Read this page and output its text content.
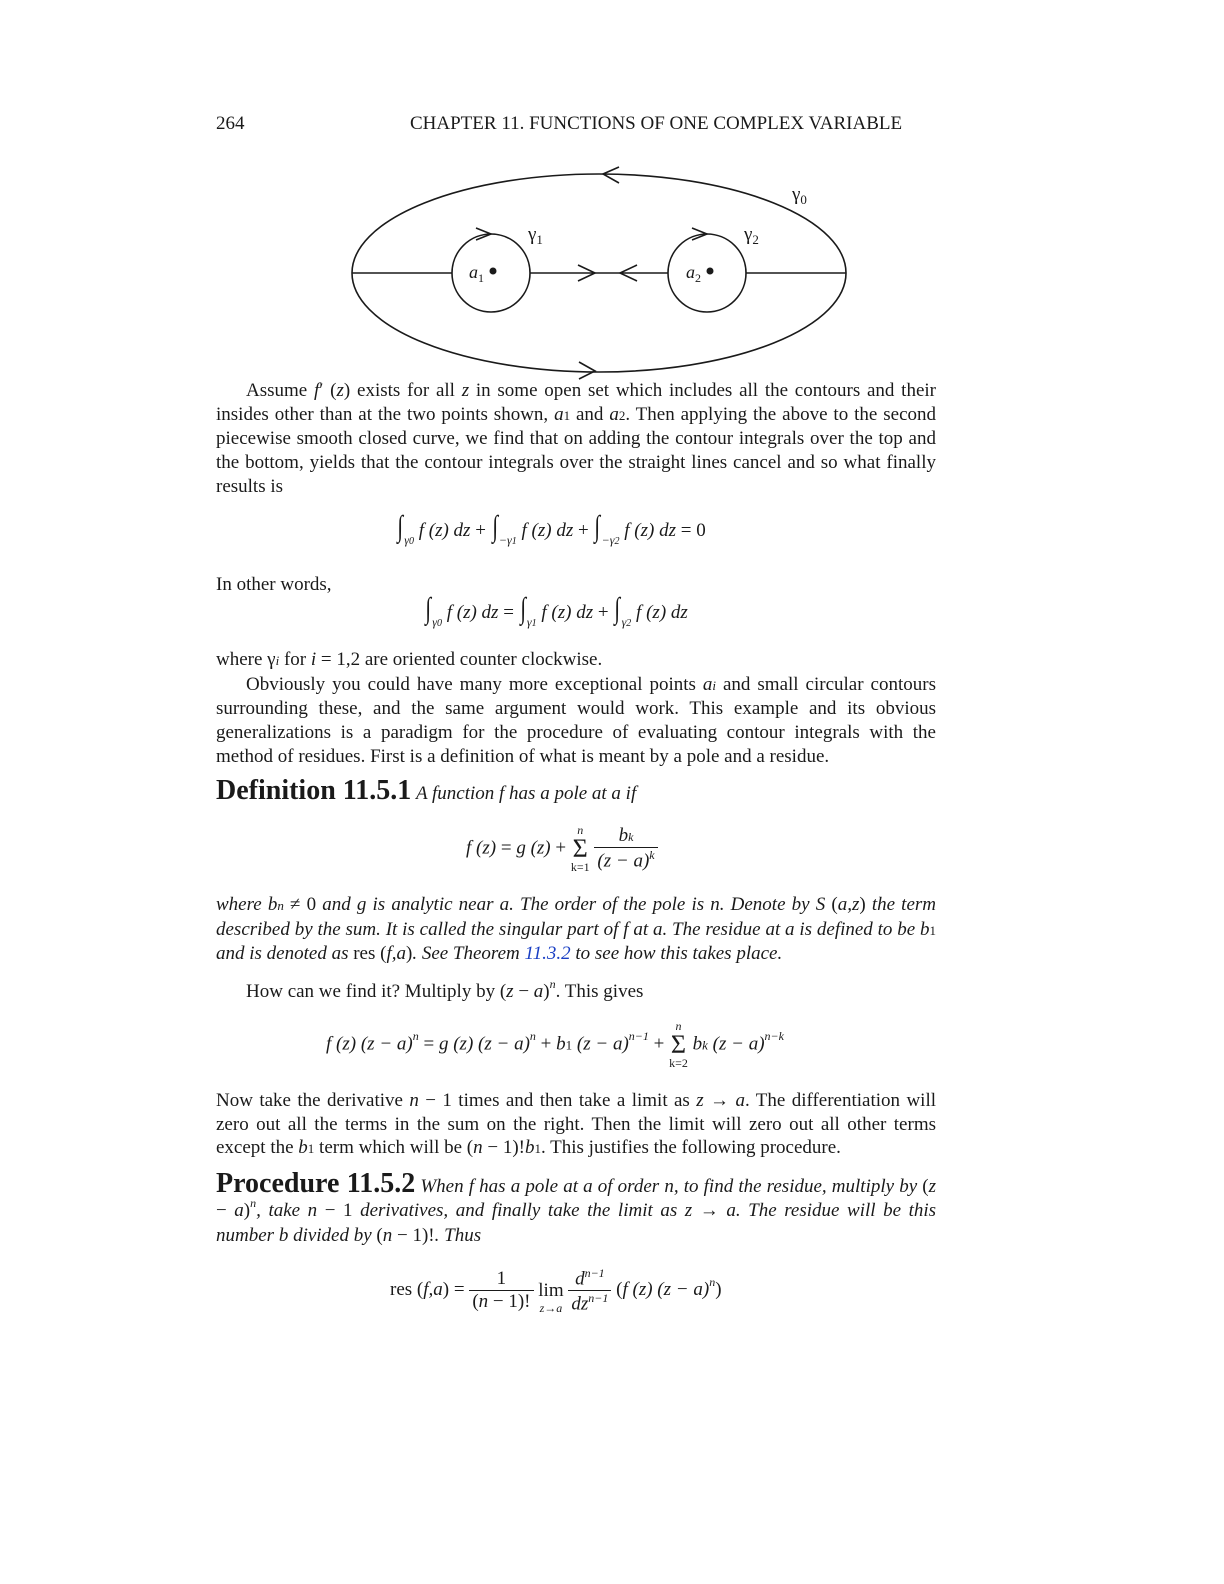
264	CHAPTER 11. FUNCTIONS OF ONE COMPLEX VARIABLE
$\gamma_0$
$\gamma_1$	$\gamma_2$
$a_1$	$a_2$

Assume f′ (z) exists for all z in some open set which includes all the contours and their insides other than at the two points shown, a1 and a2. Then applying the above to the second piecewise smooth closed curve, we find that on adding the contour integrals over the top and the bottom, yields that the contour integrals over the straight lines cancel and so what finally results is

$\int_{\gamma 0}$ f (z) dz + $\int_{-\gamma 1}$ f (z) dz + $\int_{-\gamma 2}$ f (z) dz = 0
In other words,
$\int_{\gamma 0}$ f (z) dz = $\int_{\gamma 1}$ f (z) dz + $\int_{\gamma 2}$ f (z) dz

where γi for i = 1,2 are oriented counter clockwise.

Obviously you could have many more exceptional points ai and small circular contours surrounding these, and the same argument would work. This example and its obvious generalizations is a paradigm for the procedure of evaluating contour integrals with the method of residues. First is a definition of what is meant by a pole and a residue.

Definition 11.5.1 A function f has a pole at a if
f (z) = g (z) +
n
Σ
k=1
$\frac{bk}{(z - a)^k}$

where bn ≠ 0 and g is analytic near a. The order of the pole is n. Denote by S (a,z) the term described by the sum. It is called the singular part of f at a. The residue at a is defined to be b1 and is denoted as res (f,a). See Theorem 11.3.2 to see how this takes place.

How can we find it? Multiply by $(z - a)^n$. This gives
f (z) $(z - a)^n = g$ (z) $(z - a)^n + b1$ $(z - a)^{n-1}$ +
n
Σ
k=2
bk $(z - a)^{n-k}$

Now take the derivative n − 1 times and then take a limit as z → a. The differentiation will zero out all the terms in the sum on the right. Then the limit will zero out all other terms except the b1 term which will be (n − 1)!b1. This justifies the following procedure.

Procedure 11.5.2 When f has a pole at a of order n, to find the residue, multiply by $(z - a)^n$, take n − 1 derivatives, and finally take the limit as z → a. The residue will be this number b divided by (n − 1)!. Thus

res $(f,a) = \frac{1}{(n - 1)!}$

lim
z→a
$\frac{d^{n-1}}{dz^{n-1}} (f$ (z) $(z - a)^n$)
